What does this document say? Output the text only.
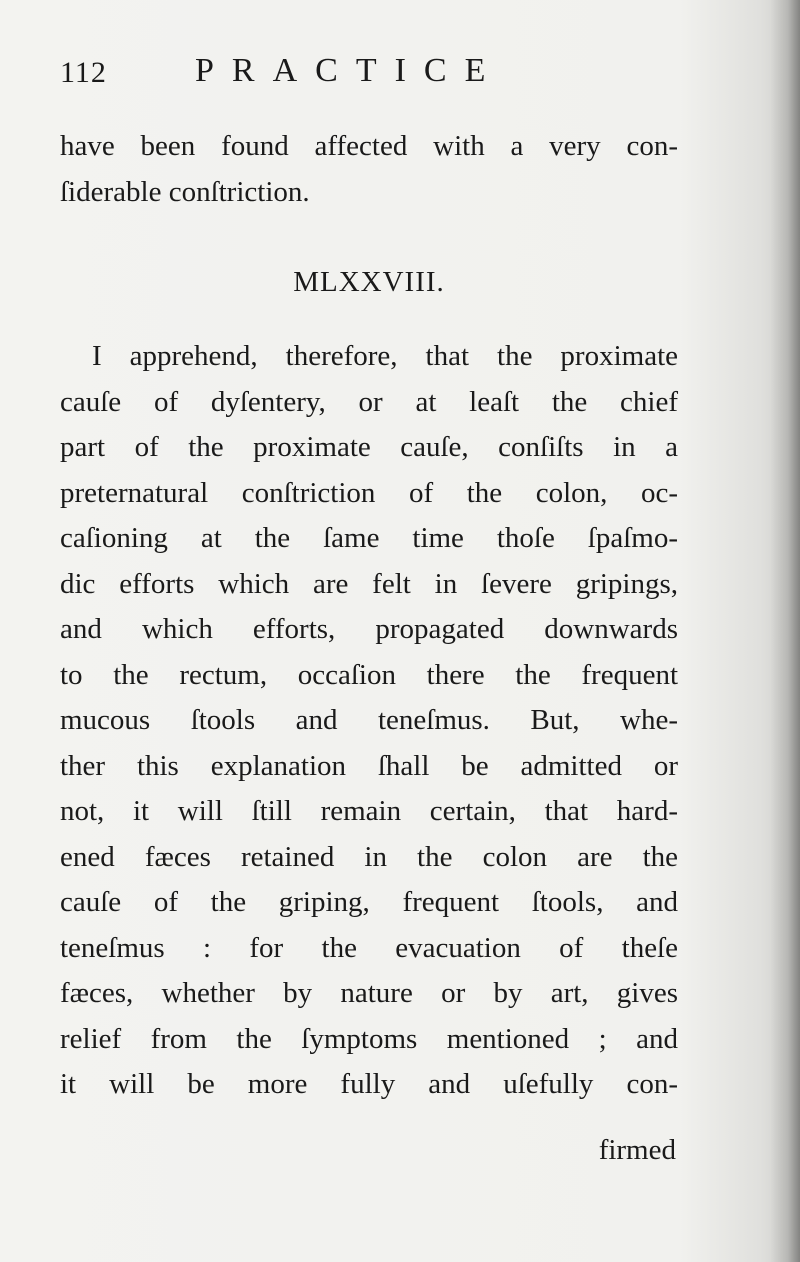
112	PRACTICE
have been found affected with a very con-
ſiderable conſtriction.
MLXXVIII.
I apprehend, therefore, that the proximate
cauſe of dyſentery, or at leaſt the chief
part of the proximate cauſe, conſiſts in a
preternatural conſtriction of the colon, oc-
caſioning at the ſame time thoſe ſpaſmo-
dic efforts which are felt in ſevere gripings,
and which efforts, propagated downwards
to the rectum, occaſion there the frequent
mucous ſtools and teneſmus. But, whe-
ther this explanation ſhall be admitted or
not, it will ſtill remain certain, that hard-
ened fæces retained in the colon are the
cauſe of the griping, frequent ſtools, and
teneſmus : for the evacuation of theſe
fæces, whether by nature or by art, gives
relief from the ſymptoms mentioned ; and
it will be more fully and uſefully con-
firmed
